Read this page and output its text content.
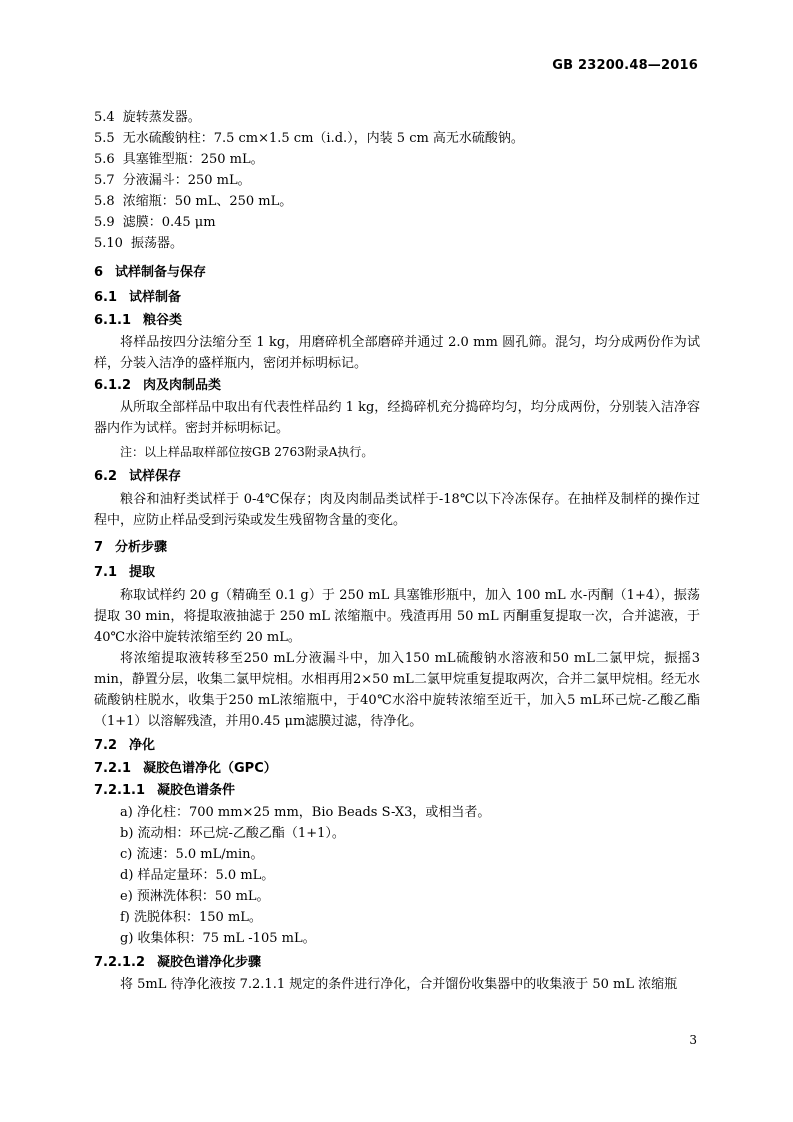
GB 23200.48—2016
5.4 旋转蒸发器。
5.5 无水硫酸钠柱：7.5 cm×1.5 cm（i.d.），内装 5 cm 高无水硫酸钠。
5.6 具塞锥型瓶：250 mL。
5.7 分液漏斗：250 mL。
5.8 浓缩瓶：50 mL、250 mL。
5.9 滤膜：0.45 μm
5.10 振荡器。
6 试样制备与保存
6.1 试样制备
6.1.1 粮谷类
将样品按四分法缩分至 1 kg，用磨碎机全部磨碎并通过 2.0 mm 圆孔筛。混匀，均分成两份作为试样，分装入洁净的盛样瓶内，密闭并标明标记。
6.1.2 肉及肉制品类
从所取全部样品中取出有代表性样品约 1 kg，经捣碎机充分捣碎均匀，均分成两份，分别装入洁净容器内作为试样。密封并标明标记。
注：以上样品取样部位按GB 2763附录A执行。
6.2 试样保存
粮谷和油籽类试样于 0-4℃保存；肉及肉制品类试样于-18℃以下冷冻保存。在抽样及制样的操作过程中，应防止样品受到污染或发生残留物含量的变化。
7 分析步骤
7.1 提取
称取试样约 20 g（精确至 0.1 g）于 250 mL 具塞锥形瓶中，加入 100 mL 水-丙酮（1+4），振荡提取 30 min，将提取液抽滤于 250 mL 浓缩瓶中。残渣再用 50 mL 丙酮重复提取一次，合并滤液，于 40℃水浴中旋转浓缩至约 20 mL。
将浓缩提取液转移至250 mL分液漏斗中，加入150 mL硫酸钠水溶液和50 mL二氯甲烷，振摇3 min，静置分层，收集二氯甲烷相。水相再用2×50 mL二氯甲烷重复提取两次，合并二氯甲烷相。经无水硫酸钠柱脱水，收集于250 mL浓缩瓶中，于40℃水浴中旋转浓缩至近干，加入5 mL环己烷-乙酸乙酯（1+1）以溶解残渣，并用0.45 μm滤膜过滤，待净化。
7.2 净化
7.2.1 凝胶色谱净化（GPC）
7.2.1.1 凝胶色谱条件
a) 净化柱：700 mm×25 mm，Bio Beads S-X3，或相当者。
b) 流动相：环己烷-乙酸乙酯（1+1）。
c) 流速：5.0 mL/min。
d) 样品定量环：5.0 mL。
e) 预淋洗体积：50 mL。
f) 洗脱体积：150 mL。
g) 收集体积：75 mL -105 mL。
7.2.1.2 凝胶色谱净化步骤
将 5mL 待净化液按 7.2.1.1 规定的条件进行净化，合并馏份收集器中的收集液于 50 mL 浓缩瓶
3
